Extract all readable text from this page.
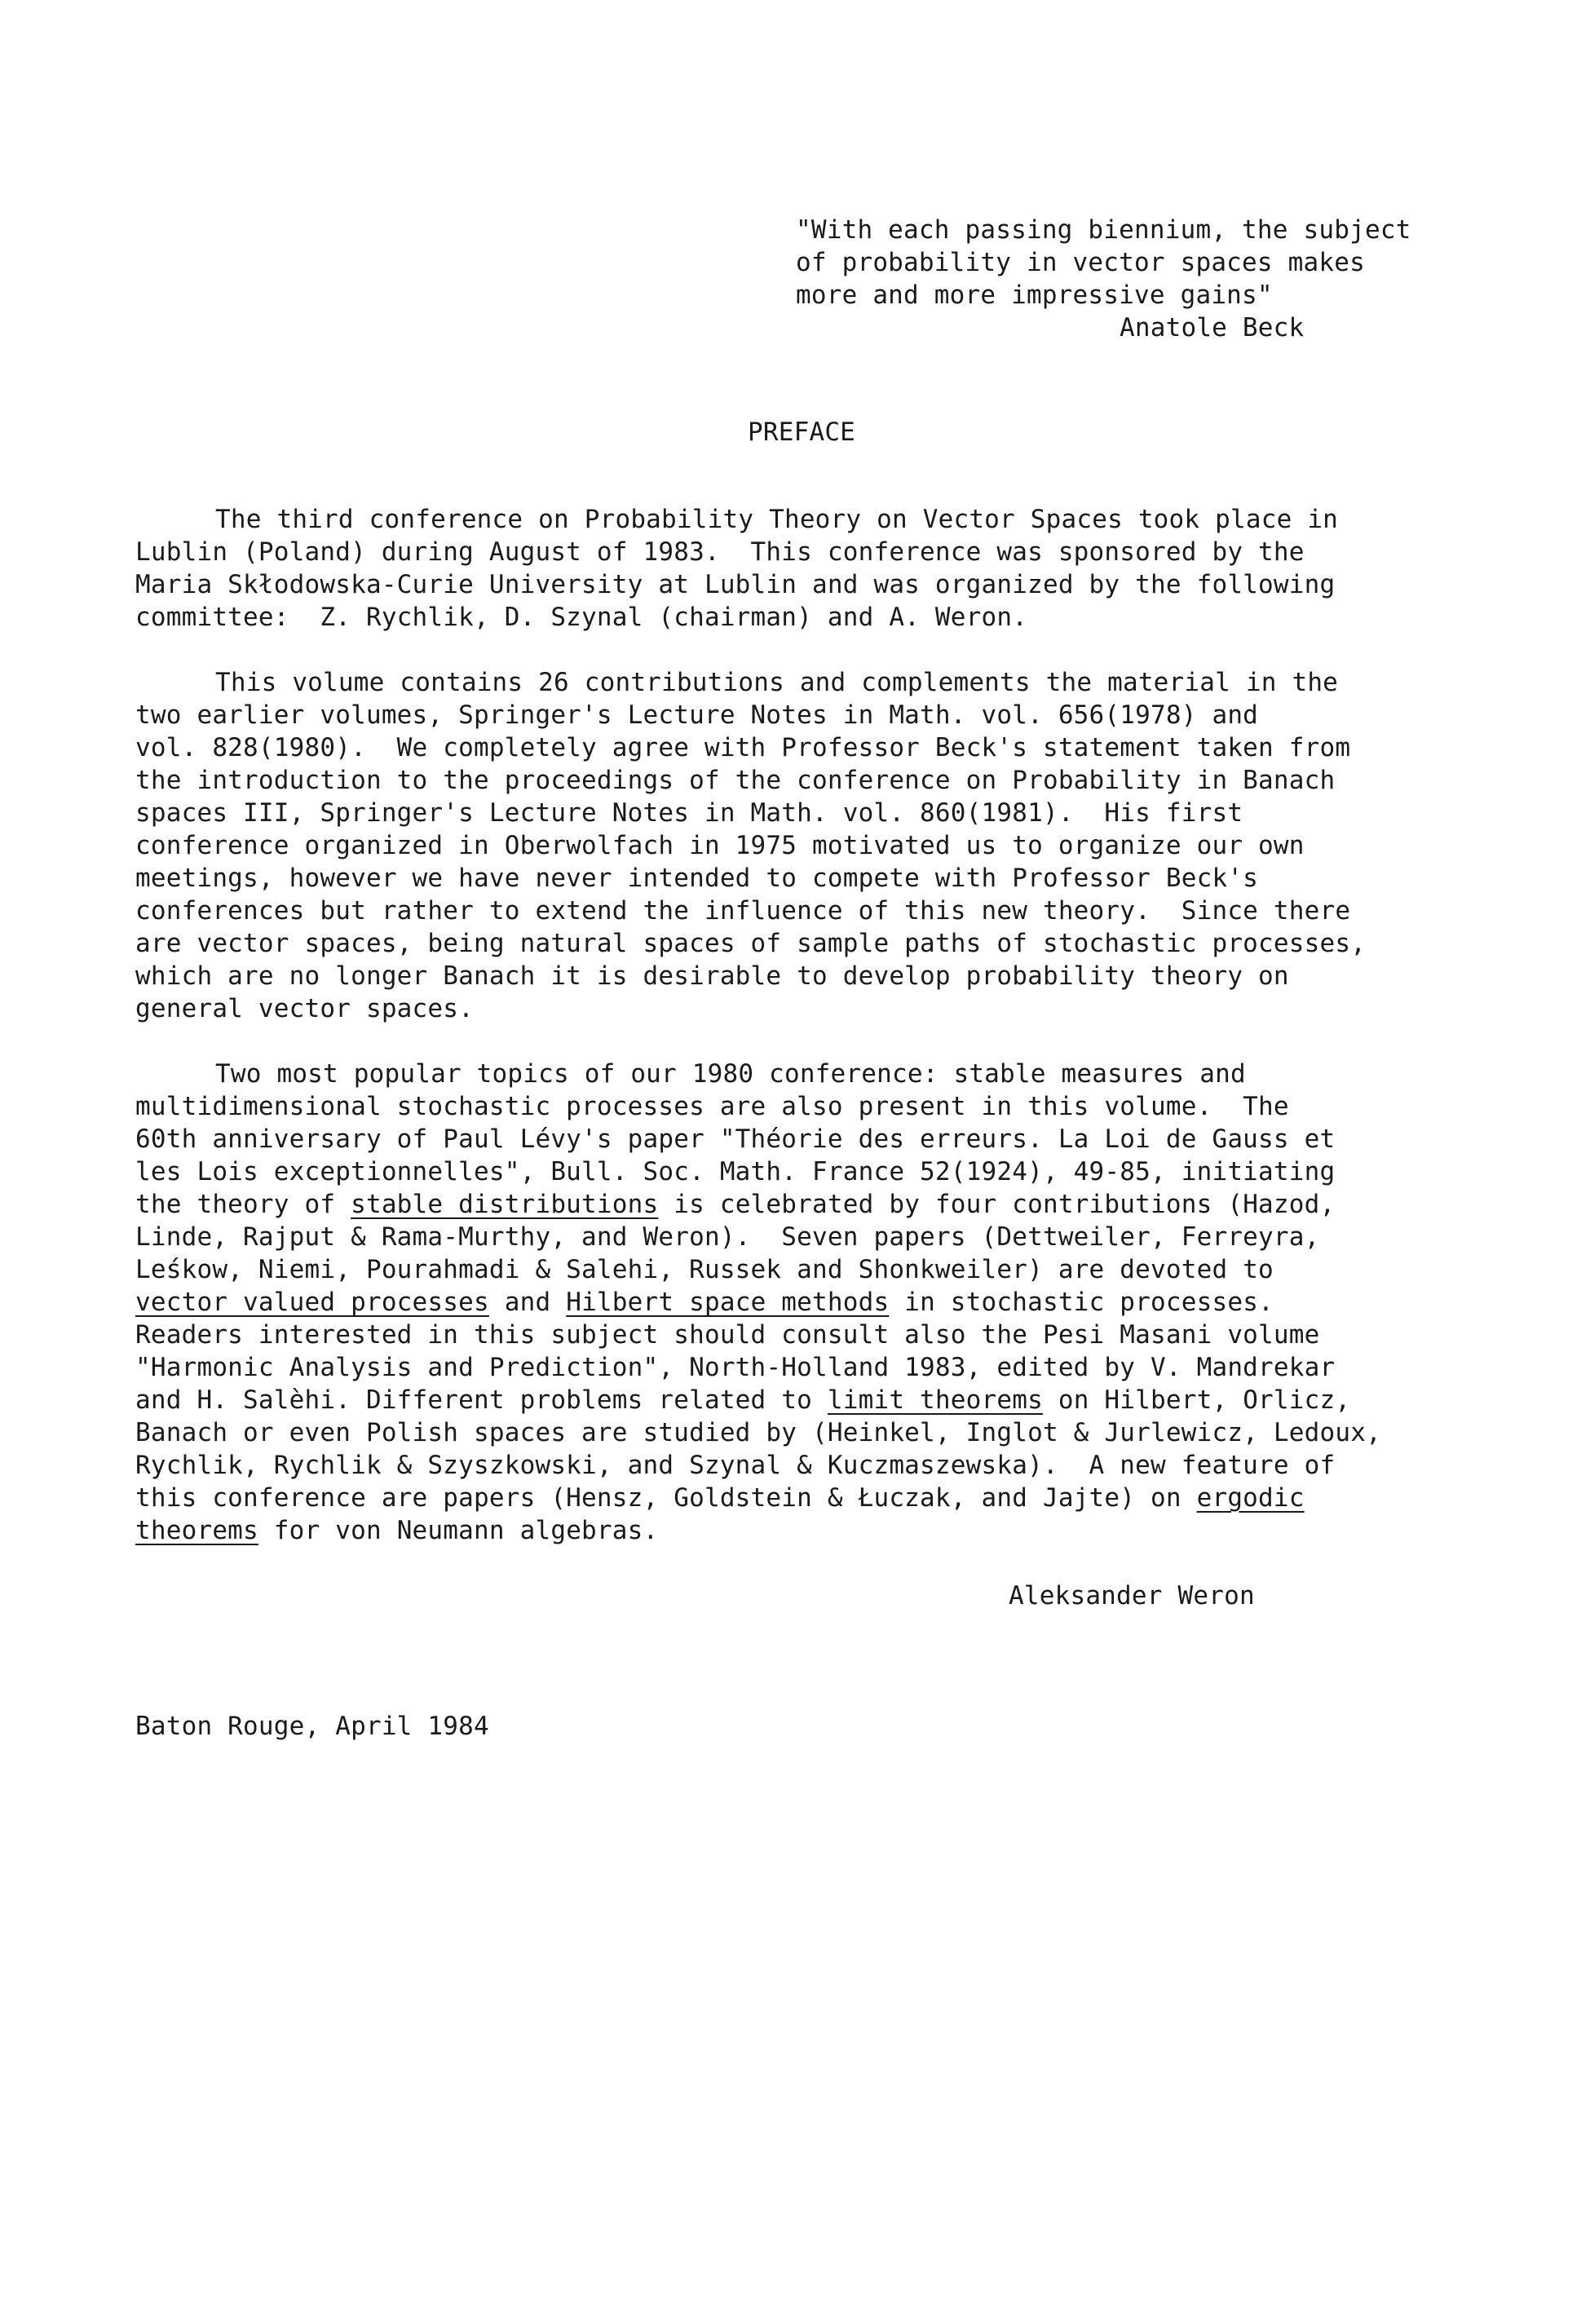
"With each passing biennium, the subject
of probability in vector spaces makes
more and more impressive gains"
Anatole Beck
PREFACE
The third conference on Probability Theory on Vector Spaces took place in
Lublin (Poland) during August of 1983.  This conference was sponsored by the
Maria Skłodowska-Curie University at Lublin and was organized by the following
committee:  Z. Rychlik, D. Szynal (chairman) and A. Weron.
This volume contains 26 contributions and complements the material in the
two earlier volumes, Springer's Lecture Notes in Math. vol. 656(1978) and
vol. 828(1980).  We completely agree with Professor Beck's statement taken from
the introduction to the proceedings of the conference on Probability in Banach
spaces III, Springer's Lecture Notes in Math. vol. 860(1981).  His first
conference organized in Oberwolfach in 1975 motivated us to organize our own
meetings, however we have never intended to compete with Professor Beck's
conferences but rather to extend the influence of this new theory.  Since there
are vector spaces, being natural spaces of sample paths of stochastic processes,
which are no longer Banach it is desirable to develop probability theory on
general vector spaces.
Two most popular topics of our 1980 conference: stable measures and
multidimensional stochastic processes are also present in this volume.  The
60th anniversary of Paul Lévy's paper "Théorie des erreurs. La Loi de Gauss et
les Lois exceptionnelles", Bull. Soc. Math. France 52(1924), 49-85, initiating
the theory of stable distributions is celebrated by four contributions (Hazod,
Linde, Rajput & Rama-Murthy, and Weron).  Seven papers (Dettweiler, Ferreyra,
Leśkow, Niemi, Pourahmadi & Salehi, Russek and Shonkweiler) are devoted to
vector valued processes and Hilbert space methods in stochastic processes.
Readers interested in this subject should consult also the Pesi Masani volume
"Harmonic Analysis and Prediction", North-Holland 1983, edited by V. Mandrekar
and H. Salèhi. Different problems related to limit theorems on Hilbert, Orlicz,
Banach or even Polish spaces are studied by (Heinkel, Inglot & Jurlewicz, Ledoux,
Rychlik, Rychlik & Szyszkowski, and Szynal & Kuczmaszewska).  A new feature of
this conference are papers (Hensz, Goldstein & Łuczak, and Jajte) on ergodic
theorems for von Neumann algebras.
Aleksander Weron
Baton Rouge, April 1984
